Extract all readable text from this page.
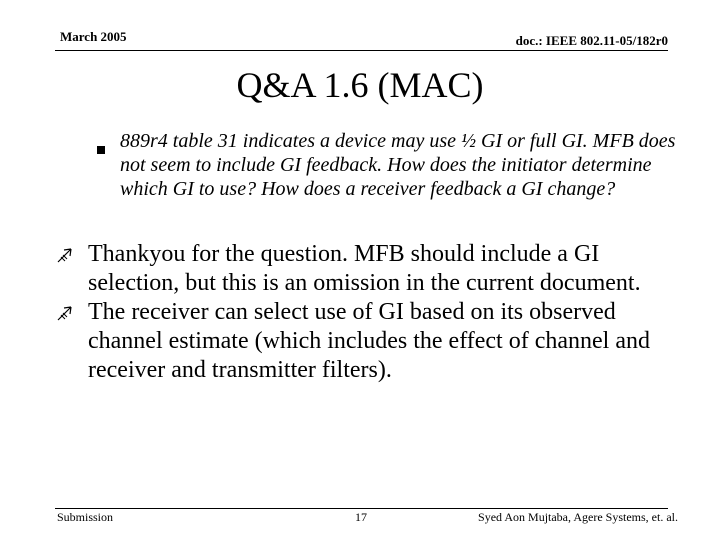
March 2005	doc.: IEEE 802.11-05/182r0
Q&A 1.6 (MAC)

889r4 table 31 indicates a device may use ½ GI or full GI. MFB does not seem to include GI feedback. How does the initiator determine which GI to use? How does a receiver feedback a GI change?

Thankyou for the question. MFB should include a GI selection, but this is an omission in the current document.
The receiver can select use of GI based on its observed channel estimate (which includes the effect of channel and receiver and transmitter filters).
Submission	17	Syed Aon Mujtaba, Agere Systems, et. al.
